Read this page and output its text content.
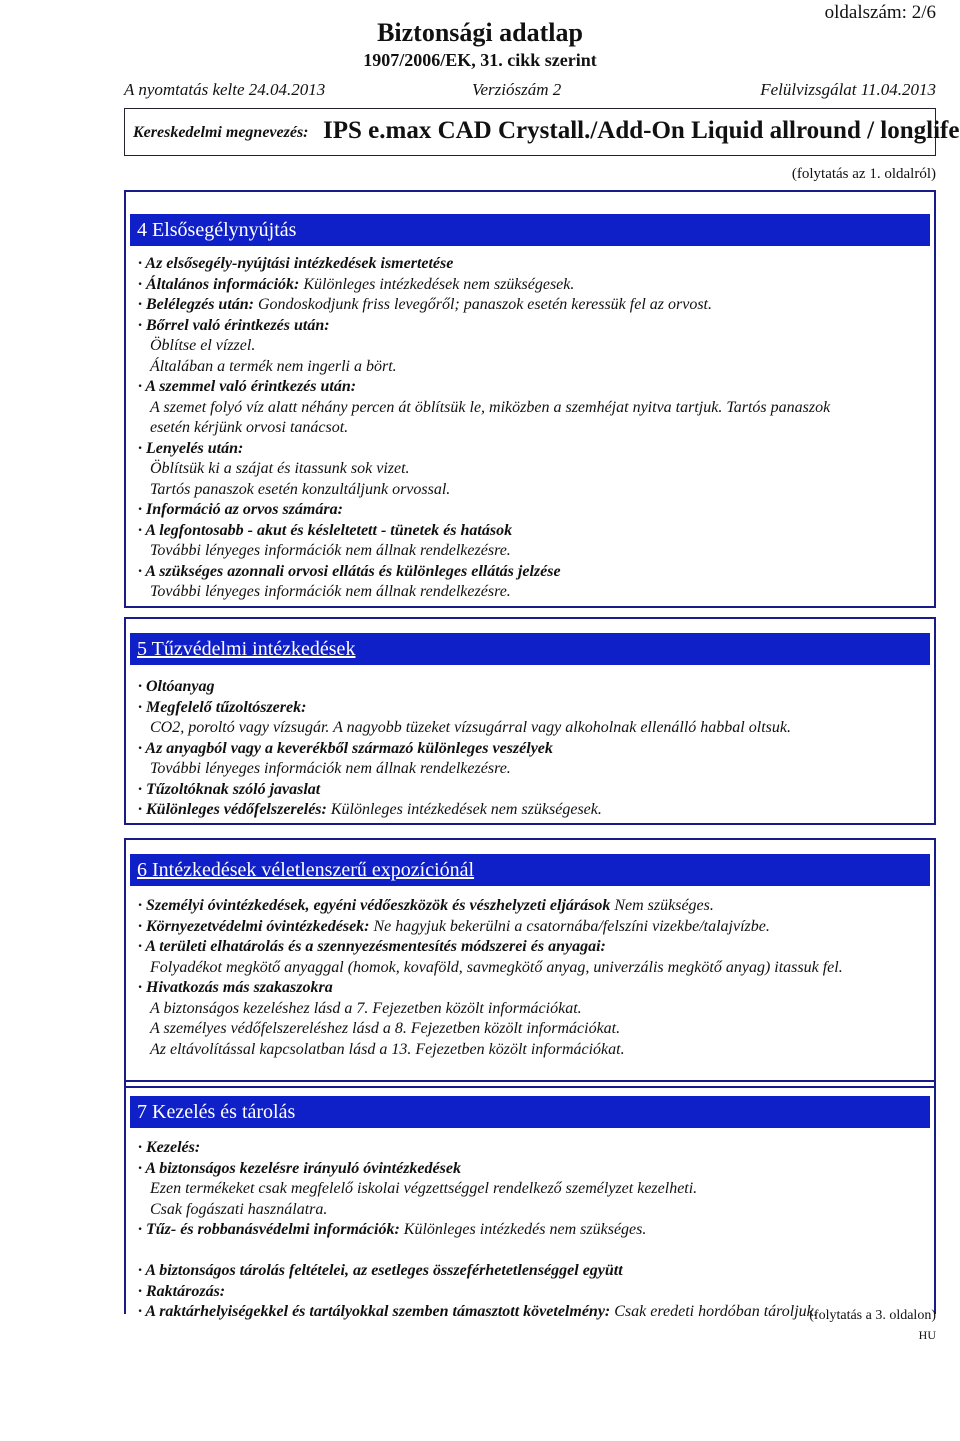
oldalszám: 2/6
Biztonsági adatlap
1907/2006/EK, 31. cikk szerint
A nyomtatás kelte 24.04.2013	Verziószám 2	Felülvizsgálat 11.04.2013
Kereskedelmi megnevezés: IPS e.max CAD Crystall./Add-On Liquid allround / longlife
(folytatás az 1. oldalról)
4 Elsősegélynyújtás
· Az elsősegély-nyújtási intézkedések ismertetése
· Általános információk: Különleges intézkedések nem szükségesek.
· Belélegzés után: Gondoskodjunk friss levegőről; panaszok esetén keressük fel az orvost.
· Bőrrel való érintkezés után:
Öblítse el vízzel.
Általában a termék nem ingerli a bört.
· A szemmel való érintkezés után:
A szemet folyó víz alatt néhány percen át öblítsük le, miközben a szemhéjat nyitva tartjuk. Tartós panaszok
esetén kérjünk orvosi tanácsot.
· Lenyelés után:
Öblítsük ki a szájat és itassunk sok vizet.
Tartós panaszok esetén konzultáljunk orvossal.
· Információ az orvos számára:
· A legfontosabb - akut és késleltetett - tünetek és hatások
További lényeges információk nem állnak rendelkezésre.
· A szükséges azonnali orvosi ellátás és különleges ellátás jelzése
További lényeges információk nem állnak rendelkezésre.
5 Tűzvédelmi intézkedések
· Oltóanyag
· Megfelelő tűzoltószerek:
CO2, poroltó vagy vízsugár. A nagyobb tüzeket vízsugárral vagy alkoholnak ellenálló habbal oltsuk.
· Az anyagból vagy a keverékből származó különleges veszélyek
További lényeges információk nem állnak rendelkezésre.
· Tűzoltóknak szóló javaslat
· Különleges védőfelszerelés: Különleges intézkedések nem szükségesek.
6 Intézkedések véletlenszerű expozíciónál
· Személyi óvintézkedések, egyéni védőeszközök és vészhelyzeti eljárások Nem szükséges.
· Környezetvédelmi óvintézkedések: Ne hagyjuk bekerülni a csatornába/felszíni vizekbe/talajvízbe.
· A területi elhatárolás és a szennyezésmentesítés módszerei és anyagai:
Folyadékot megkötő anyaggal (homok, kovaföld, savmegkötő anyag, univerzális megkötő anyag) itassuk fel.
· Hivatkozás más szakaszokra
A biztonságos kezeléshez lásd a 7. Fejezetben közölt információkat.
A személyes védőfelszereléshez lásd a 8. Fejezetben közölt információkat.
Az eltávolítással kapcsolatban lásd a 13. Fejezetben közölt információkat.
7 Kezelés és tárolás
· Kezelés:
· A biztonságos kezelésre irányuló óvintézkedések
Ezen termékeket csak megfelelő iskolai végzettséggel rendelkező személyzet kezelheti.
Csak fogászati használatra.
· Tűz- és robbanásvédelmi információk: Különleges intézkedés nem szükséges.
· A biztonságos tárolás feltételei, az esetleges összeférhetetlenséggel együtt
· Raktározás:
· A raktárhelyiségekkel és tartályokkal szemben támasztott követelmény: Csak eredeti hordóban tároljuk.
(folytatás a 3. oldalon)
HU
